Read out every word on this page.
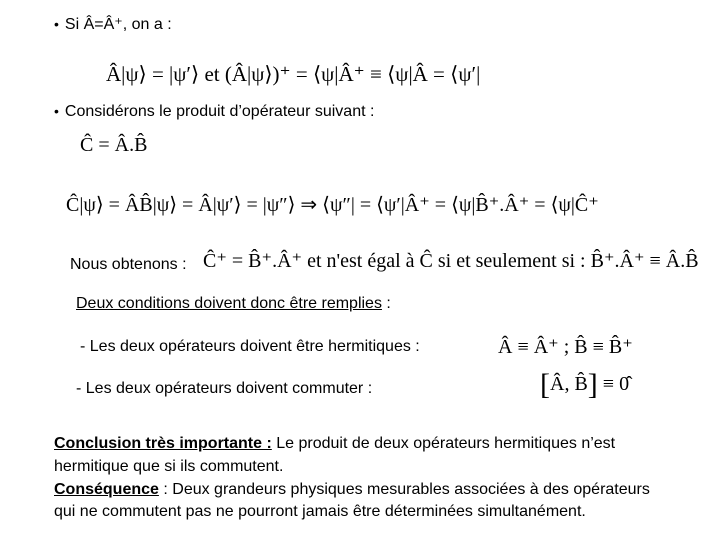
• Si Â=Â⁺, on a :
Â|ψ⟩ = |ψ′⟩ et (Â|ψ⟩)⁺ = ⟨ψ|Â⁺ ≡ ⟨ψ|Â = ⟨ψ′|
• Considérons le produit d’opérateur suivant :
Ĉ = Â.B̂
Ĉ|ψ⟩ = ÂB̂|ψ⟩ = Â|ψ′⟩ = |ψ″⟩ ⇒ ⟨ψ″| = ⟨ψ′|Â⁺ = ⟨ψ|B̂⁺.Â⁺ = ⟨ψ|Ĉ⁺
Nous obtenons : Ĉ⁺ = B̂⁺.Â⁺ et n'est égal à Ĉ si et seulement si : B̂⁺.Â⁺ ≡ Â.B̂
Deux conditions doivent donc être remplies :
- Les deux opérateurs doivent être hermitiques :	Â ≡ Â⁺ ; B̂ ≡ B̂⁺
- Les deux opérateurs doivent commuter :	[Â, B̂] ≡ 0̂
Conclusion très importante : Le produit de deux opérateurs hermitiques n’est
hermitique que si ils commutent.
Conséquence : Deux grandeurs physiques mesurables associées à des opérateurs
qui ne commutent pas ne pourront jamais être déterminées simultanément.
